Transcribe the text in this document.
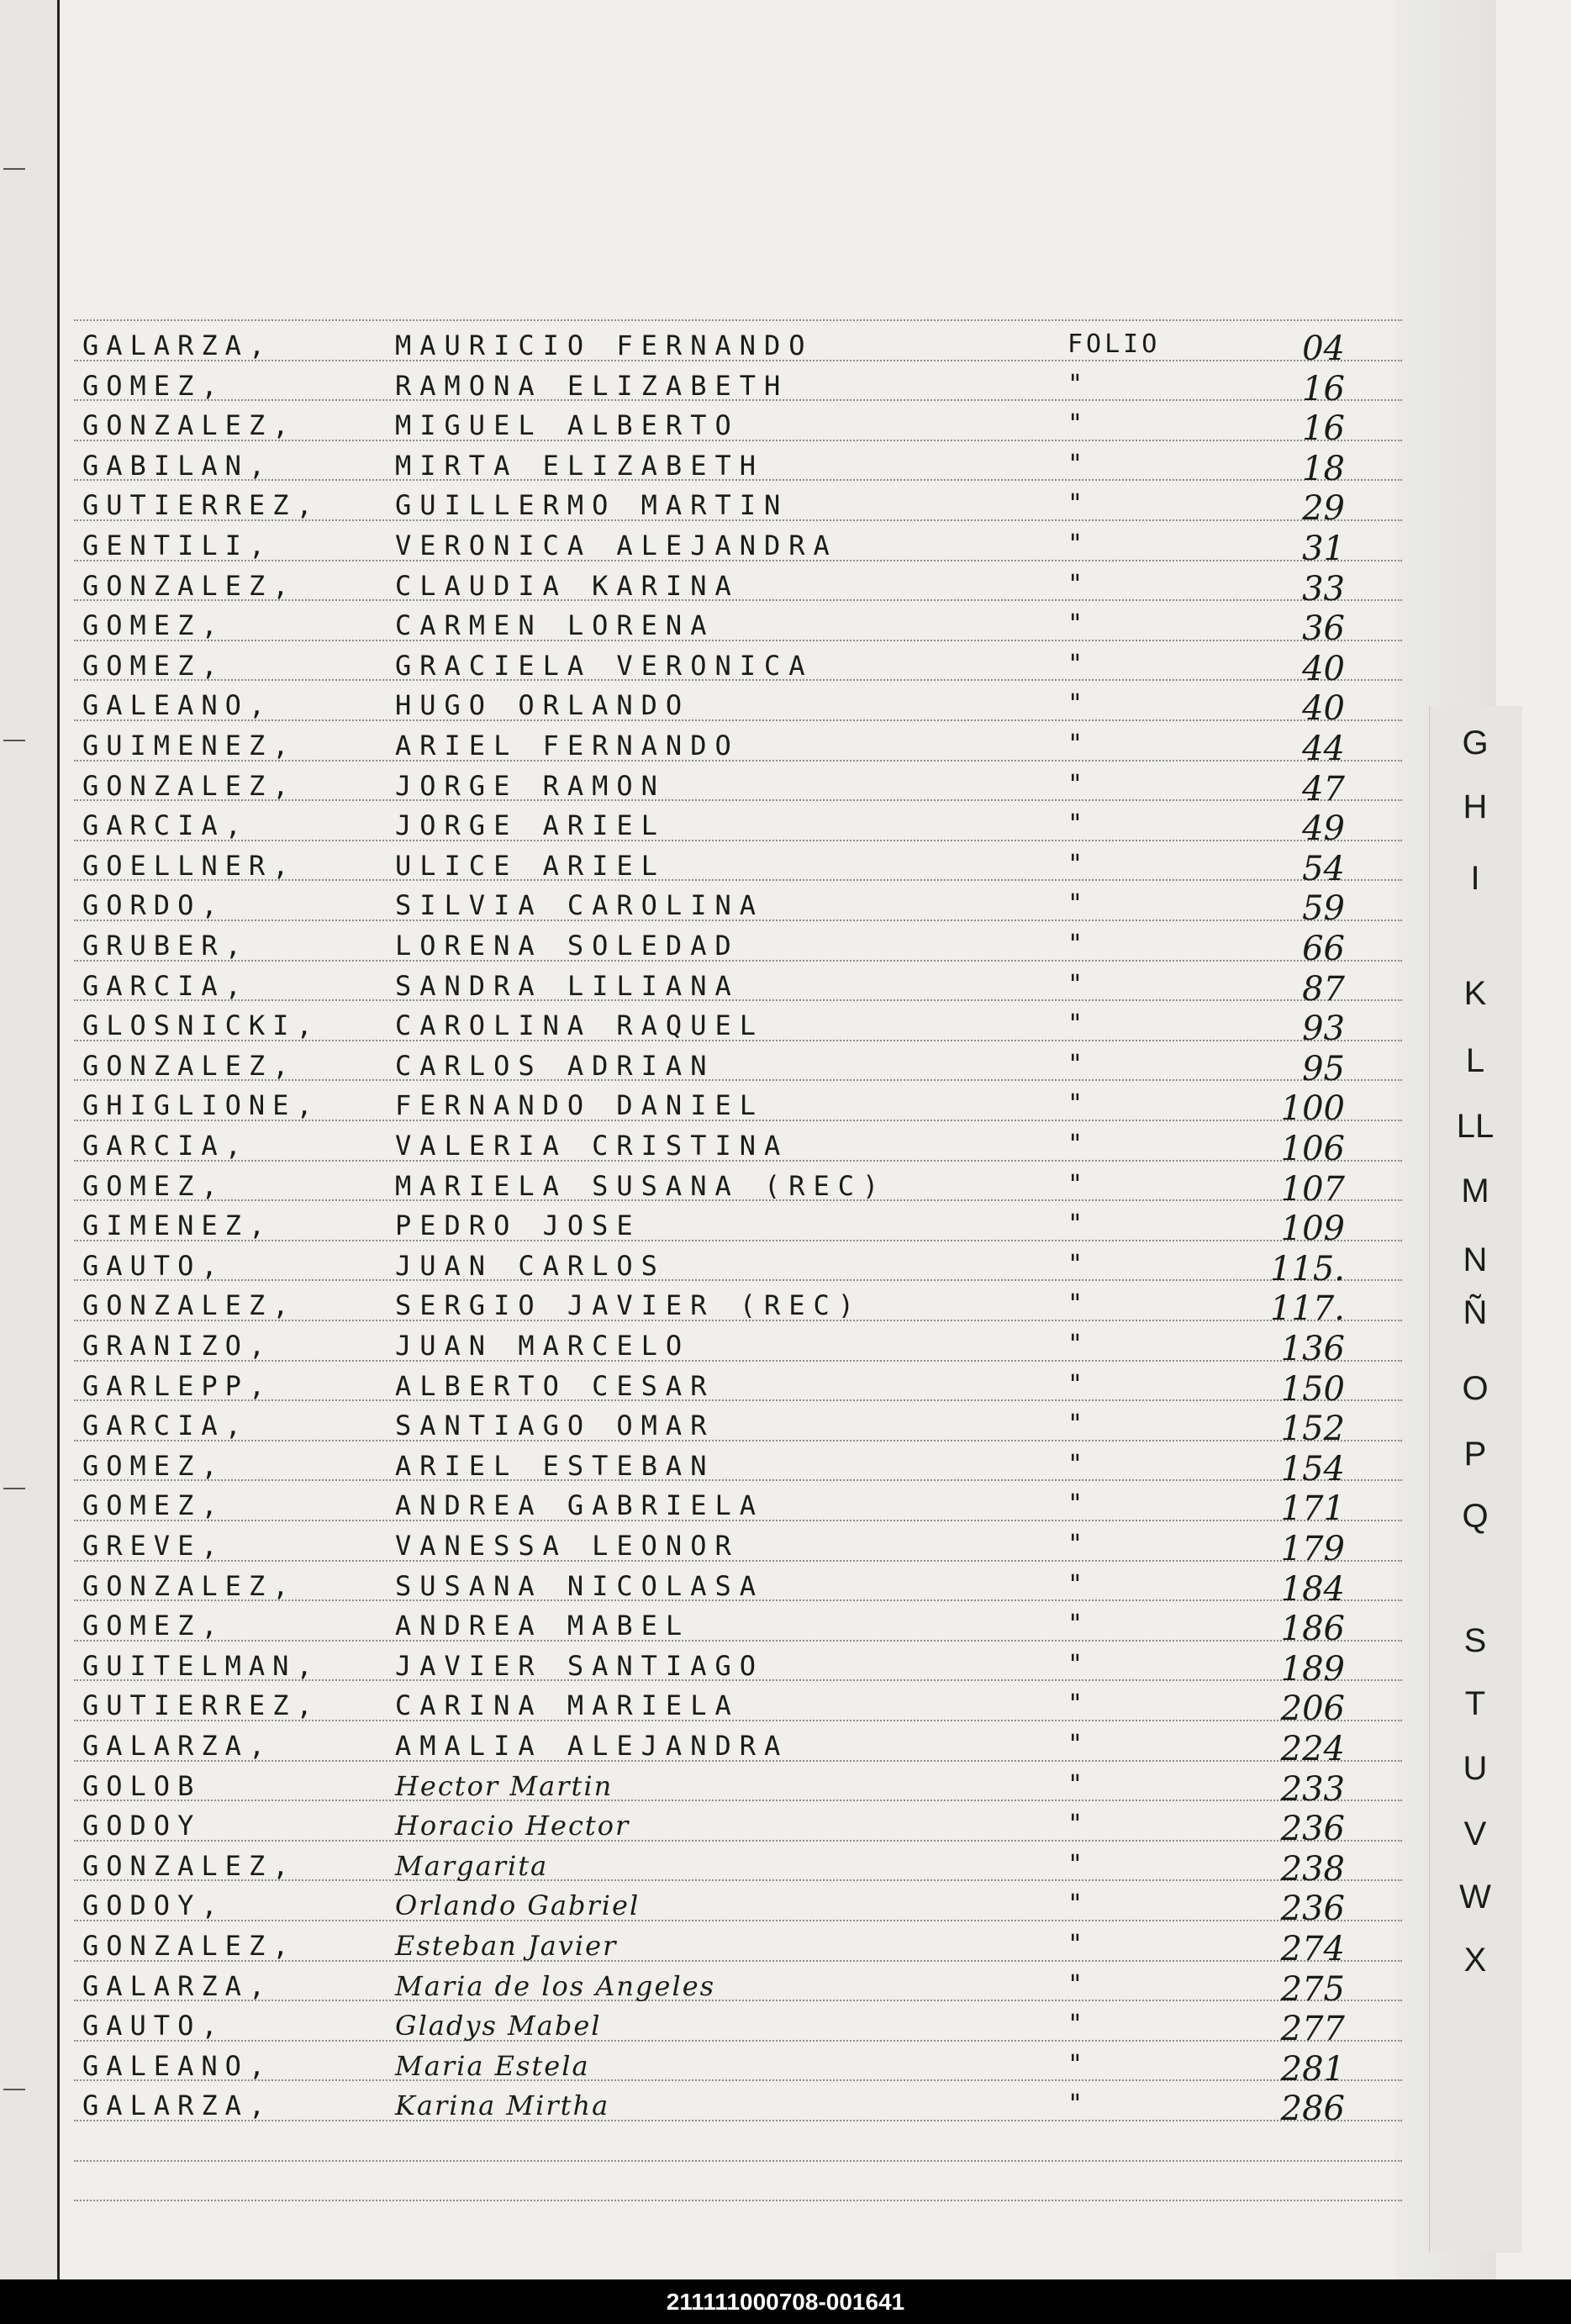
GALARZA,	MAURICIO FERNANDO	FOLIO	04
GOMEZ,	RAMONA ELIZABETH	"	16
GONZALEZ,	MIGUEL ALBERTO	"	16
GABILAN,	MIRTA ELIZABETH	"	18
GUTIERREZ,	GUILLERMO MARTIN	"	29
GENTILI,	VERONICA ALEJANDRA	"	31
GONZALEZ,	CLAUDIA KARINA	"	33
GOMEZ,	CARMEN LORENA	"	36
GOMEZ,	GRACIELA VERONICA	"	40
GALEANO,	HUGO ORLANDO	"	40
GUIMENEZ,	ARIEL FERNANDO	"	44
GONZALEZ,	JORGE RAMON	"	47
GARCIA,	JORGE ARIEL	"	49
GOELLNER,	ULICE ARIEL	"	54
GORDO,	SILVIA CAROLINA	"	59
GRUBER,	LORENA SOLEDAD	"	66
GARCIA,	SANDRA LILIANA	"	87
GLOSNICKI,	CAROLINA RAQUEL	"	93
GONZALEZ,	CARLOS ADRIAN	"	95
GHIGLIONE,	FERNANDO DANIEL	"	100
GARCIA,	VALERIA CRISTINA	"	106
GOMEZ,	MARIELA SUSANA (REC)	"	107
GIMENEZ,	PEDRO JOSE	"	109
GAUTO,	JUAN CARLOS	"	115.
GONZALEZ,	SERGIO JAVIER (REC)	"	117.
GRANIZO,	JUAN MARCELO	"	136
GARLEPP,	ALBERTO CESAR	"	150
GARCIA,	SANTIAGO OMAR	"	152
GOMEZ,	ARIEL ESTEBAN	"	154
GOMEZ,	ANDREA GABRIELA	"	171
GREVE,	VANESSA LEONOR	"	179
GONZALEZ,	SUSANA NICOLASA	"	184
GOMEZ,	ANDREA MABEL	"	186
GUITELMAN,	JAVIER SANTIAGO	"	189
GUTIERREZ,	CARINA MARIELA	"	206
GALARZA,	AMALIA ALEJANDRA	"	224
GOLOB	Hector Martin	"	233
GODOY	Horacio Hector	"	236
GONZALEZ,	Margarita	"	238
GODOY,	Orlando Gabriel	"	236
GONZALEZ,	Esteban Javier	"	274
GALARZA,	Maria de los Angeles	"	275
GAUTO,	Gladys Mabel	"	277
GALEANO,	Maria Estela	"	281
GALARZA,	Karina Mirtha	"	286
G
H
I
K
L
LL
M
N
Ñ
O
P
Q
S
T
U
V
W
X
211111000708-001641
